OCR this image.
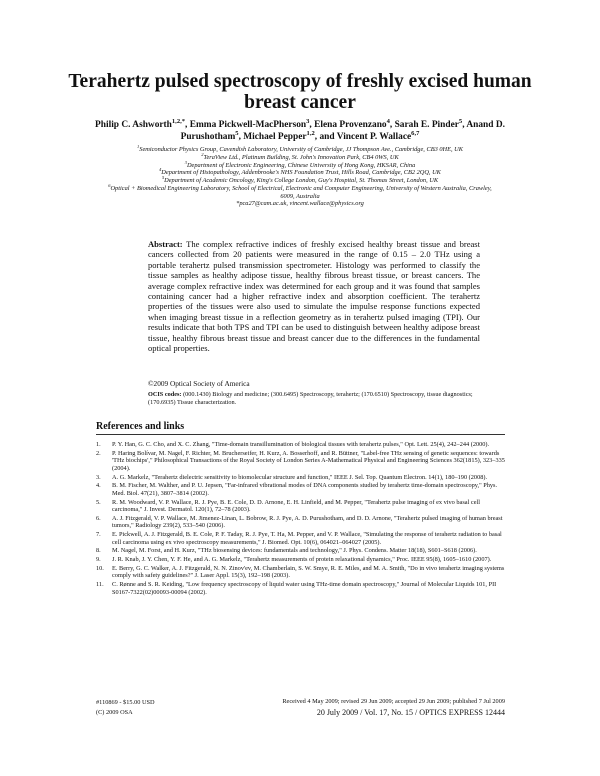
Terahertz pulsed spectroscopy of freshly excised human breast cancer
Philip C. Ashworth$^{1,2,*}$, Emma Pickwell-MacPherson$^3$, Elena Provenzano$^4$, Sarah E. Pinder$^5$, Anand D. Purushotham$^5$, Michael Pepper$^{1,2}$, and Vincent P. Wallace$^{6,7}$
$^1$Semiconductor Physics Group, Cavendish Laboratory, University of Cambridge, JJ Thompson Ave., Cambridge, CB3 0HE, UK
$^2$TeraView Ltd., Platinum Building, St. John's Innovation Park, CB4 0WS, UK
$^3$Department of Electronic Engineering, Chinese University of Hong Kong, HKSAR, China
$^4$Department of Histopathology, Addenbrooke's NHS Foundation Trust, Hills Road, Cambridge, CB2 2QQ, UK
$^5$Department of Academic Oncology, King's College London, Guy's Hospital, St. Thomas Street, London, UK
$^6$Optical + Biomedical Engineering Laboratory, School of Electrical, Electronic and Computer Engineering, University of Western Australia, Crawley, 6009, Australia
*pca27@cam.ac.uk, vincent.wallace@physics.org
Abstract: The complex refractive indices of freshly excised healthy breast tissue and breast cancers collected from 20 patients were measured in the range of 0.15 – 2.0 THz using a portable terahertz pulsed transmission spectrometer. Histology was performed to classify the tissue samples as healthy adipose tissue, healthy fibrous breast tissue, or breast cancers. The average complex refractive index was determined for each group and it was found that samples containing cancer had a higher refractive index and absorption coefficient. The terahertz properties of the tissues were also used to simulate the impulse response functions expected when imaging breast tissue in a reflection geometry as in terahertz pulsed imaging (TPI). Our results indicate that both TPS and TPI can be used to distinguish between healthy adipose breast tissue, healthy fibrous breast tissue and breast cancer due to the differences in the fundamental optical properties.
©2009 Optical Society of America
OCIS codes: (000.1430) Biology and medicine; (300.6495) Spectroscopy, terahertz; (170.6510) Spectroscopy, tissue diagnostics; (170.6935) Tissue characterization.
References and links
1.	P. Y. Han, G. C. Cho, and X. C. Zhang, "Time-domain transillumination of biological tissues with terahertz pulses," Opt. Lett. 25(4), 242–244 (2000).
2.	P. Haring Bolívar, M. Nagel, F. Richter, M. Brucherseifer, H. Kurz, A. Bosserhoff, and R. Büttner, "Label-free THz sensing of genetic sequences: towards 'THz biochips'," Philosophical Transactions of the Royal Society of London Series A-Mathematical Physical and Engineering Sciences 362(1815), 323–335 (2004).
3.	A. G. Markelz, "Terahertz dielectric sensitivity to biomolecular structure and function," IEEE J. Sel. Top. Quantum Electron. 14(1), 180–190 (2008).
4.	B. M. Fischer, M. Walther, and P. U. Jepsen, "Far-infrared vibrational modes of DNA components studied by terahertz time-domain spectroscopy," Phys. Med. Biol. 47(21), 3807–3814 (2002).
5.	R. M. Woodward, V. P. Wallace, R. J. Pye, B. E. Cole, D. D. Arnone, E. H. Linfield, and M. Pepper, "Terahertz pulse imaging of ex vivo basal cell carcinoma," J. Invest. Dermatol. 120(1), 72–78 (2003).
6.	A. J. Fitzgerald, V. P. Wallace, M. Jimenez-Linan, L. Bobrow, R. J. Pye, A. D. Purushotham, and D. D. Arnone, "Terahertz pulsed imaging of human breast tumors," Radiology 239(2), 533–540 (2006).
7.	E. Pickwell, A. J. Fitzgerald, B. E. Cole, P. F. Taday, R. J. Pye, T. Ha, M. Pepper, and V. P. Wallace, "Simulating the response of terahertz radiation to basal cell carcinoma using ex vivo spectroscopy measurements," J. Biomed. Opt. 10(6), 064021–064027 (2005).
8.	M. Nagel, M. Forst, and H. Kurz, "THz biosensing devices: fundamentals and technology," J. Phys. Condens. Matter 18(18), S601–S618 (2006).
9.	J. R. Knab, J. Y. Chen, Y. F. He, and A. G. Markelz, "Terahertz measurements of protein relaxational dynamics," Proc. IEEE 95(8), 1605–1610 (2007).
10.	E. Berry, G. C. Walker, A. J. Fitzgerald, N. N. Zinov'ev, M. Chamberlain, S. W. Smye, R. E. Miles, and M. A. Smith, "Do in vivo terahertz imaging systems comply with safety guidelines?" J. Laser Appl. 15(3), 192–198 (2003).
11.	C. Rønne and S. R. Keiding, "Low frequency spectroscopy of liquid water using THz-time domain spectroscopy," Journal of Molecular Liquids 101, PII S0167-7322(02)00093-00094 (2002).
#110869 - $15.00 USD
(C) 2009 OSA
Received 4 May 2009; revised 29 Jun 2009; accepted 29 Jun 2009; published 7 Jul 2009
20 July 2009 / Vol. 17, No. 15 / OPTICS EXPRESS 12444
